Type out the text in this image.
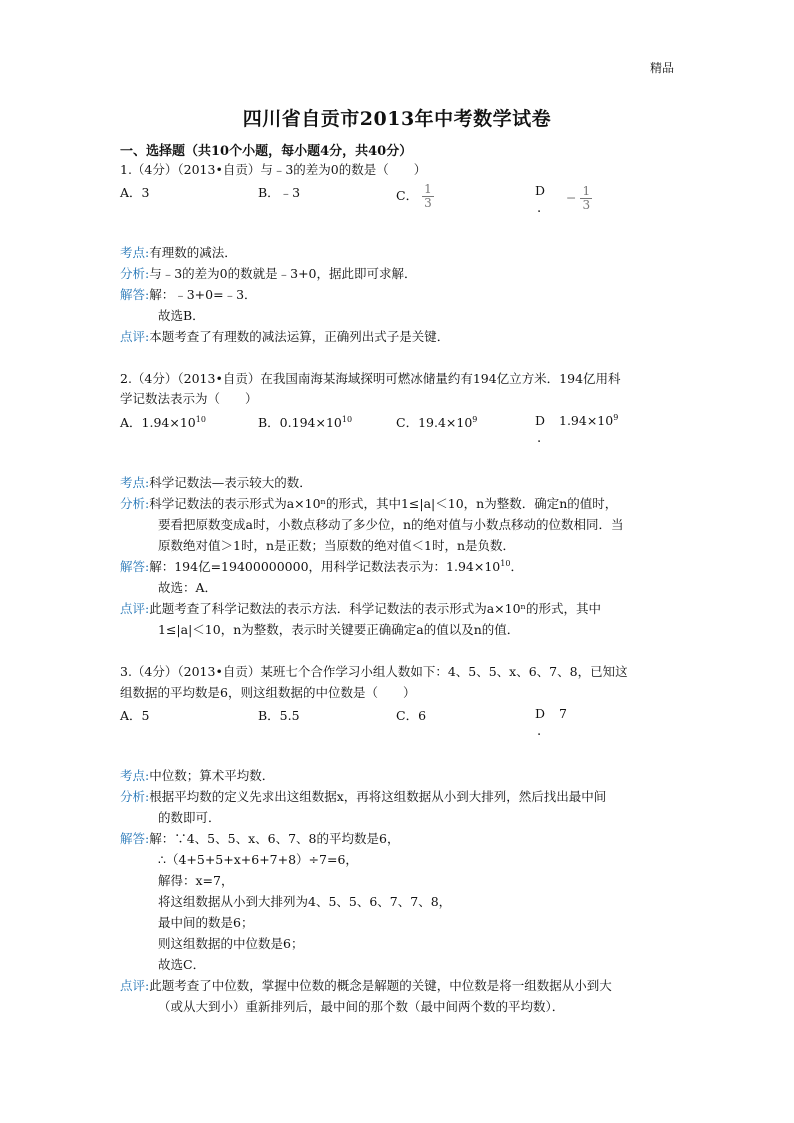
精品
四川省自贡市2013年中考数学试卷
一、选择题（共10个小题，每小题4分，共40分）
1.（4分）（2013•自贡）与﹣3的差为0的数是（　　）
A．3	B．﹣3	C． $\frac{1}{3}$	D
.
− $\frac{1}{3}$
考点:有理数的减法．
分析:与﹣3的差为0的数就是﹣3+0，据此即可求解．
解答:解：﹣3+0=﹣3．
故选B．
点评:本题考查了有理数的减法运算，正确列出式子是关键．
2.（4分）（2013•自贡）在我国南海某海域探明可燃冰储量约有194亿立方米．194亿用科
学记数法表示为（　　）
A．$1.94\times 10^{10}$	B．$0.194\times 10^{10}$	C．$19.4\times 10^9$	D $1.94\times 10^9$
.
考点:科学记数法—表示较大的数．
分析:科学记数法的表示形式为a×10ⁿ的形式，其中1≤|a|＜10，n为整数．确定n的值时，
要看把原数变成a时，小数点移动了多少位，n的绝对值与小数点移动的位数相同．当
原数绝对值＞1时，n是正数；当原数的绝对值＜1时，n是负数．
解答:解：194亿=19400000000，用科学记数法表示为：$1.94\times 10^{10}$．
故选：A．
点评:此题考查了科学记数法的表示方法．科学记数法的表示形式为a×10ⁿ的形式，其中
1≤|a|＜10，n为整数，表示时关键要正确确定a的值以及n的值．
3.（4分）（2013•自贡）某班七个合作学习小组人数如下：4、5、5、x、6、7、8，已知这
组数据的平均数是6，则这组数据的中位数是（　　）
A．5	B．5.5	C．6	D 7
.
考点:中位数；算术平均数．
分析:根据平均数的定义先求出这组数据x，再将这组数据从小到大排列，然后找出最中间
的数即可．
解答:解：∵4、5、5、x、6、7、8的平均数是6，
∴（4+5+5+x+6+7+8）÷7=6，
解得：x=7，
将这组数据从小到大排列为4、5、5、6、7、7、8，
最中间的数是6；
则这组数据的中位数是6；
故选C．
点评:此题考查了中位数，掌握中位数的概念是解题的关键，中位数是将一组数据从小到大
（或从大到小）重新排列后，最中间的那个数（最中间两个数的平均数）．
